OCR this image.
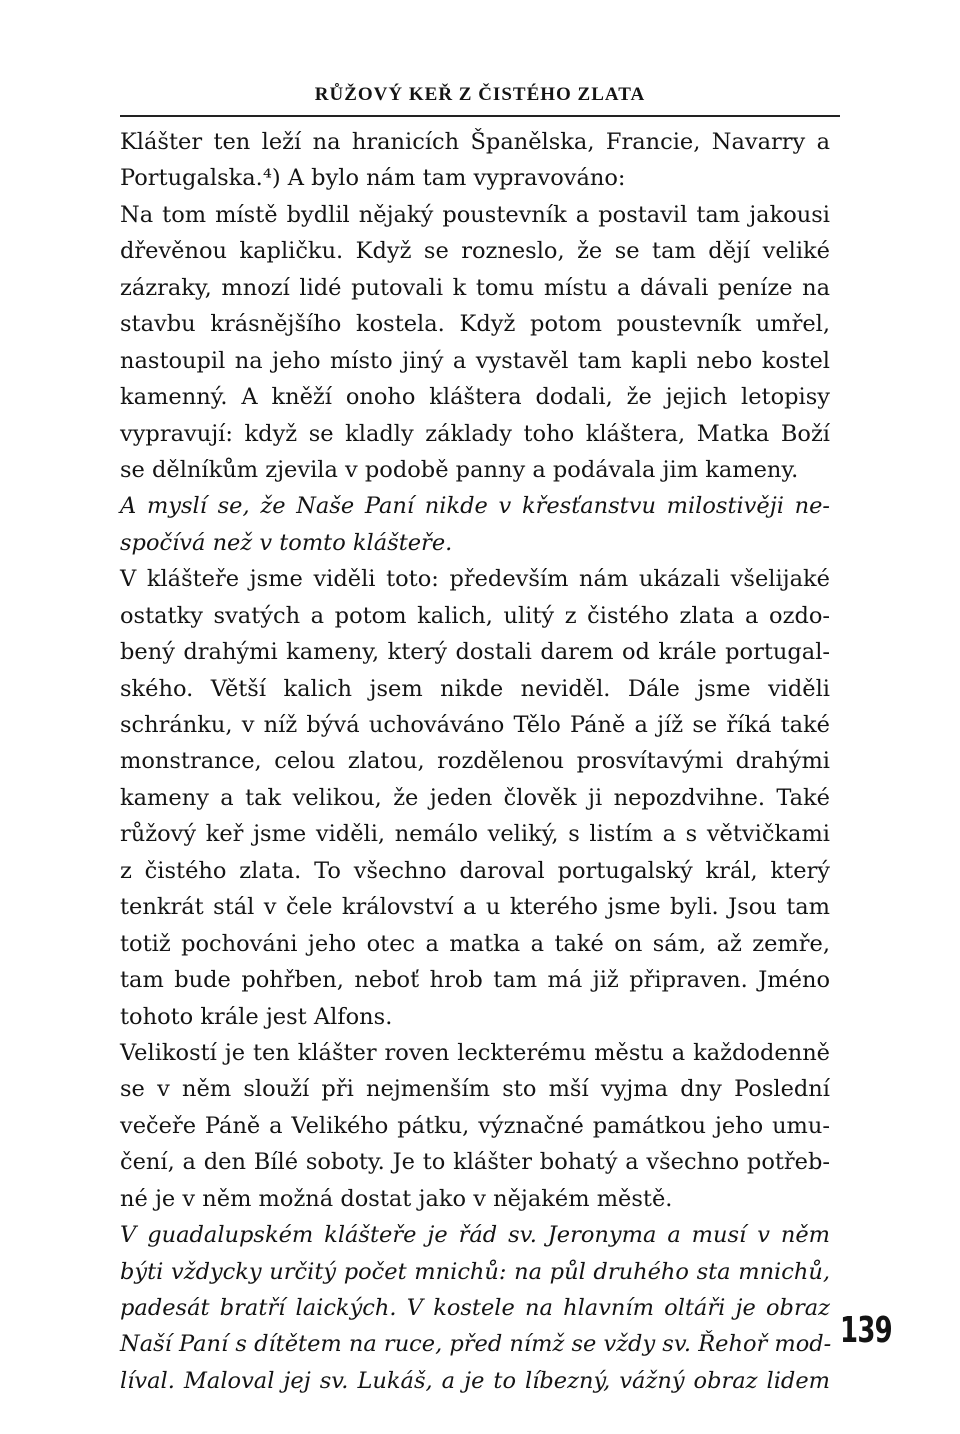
RŮŽOVÝ KEŘ Z ČISTÉHO ZLATA
Klášter ten leží na hranicích Španělska, Francie, Navarry a
Portugalska.⁴) A bylo nám tam vypravováno:
Na tom místě bydlil nějaký poustevník a postavil tam jakousi
dřevěnou kapličku. Když se rozneslo, že se tam dějí veliké
zázraky, mnozí lidé putovali k tomu místu a dávali peníze na
stavbu krásnějšího kostela. Když potom poustevník umřel,
nastoupil na jeho místo jiný a vystavěl tam kapli nebo kostel
kamenný. A kněží onoho kláštera dodali, že jejich letopisy
vypravují: když se kladly základy toho kláštera, Matka Boží
se dělníkům zjevila v podobě panny a podávala jim kameny.
A myslí se, že Naše Paní nikde v křesťanstvu milostivěji ne-
spočívá než v tomto klášteře.
V klášteře jsme viděli toto: především nám ukázali všelijaké
ostatky svatých a potom kalich, ulitý z čistého zlata a ozdo-
bený drahými kameny, který dostali darem od krále portugal-
ského. Větší kalich jsem nikde neviděl. Dále jsme viděli
schránku, v níž bývá uchováváno Tělo Páně a jíž se říká také
monstrance, celou zlatou, rozdělenou prosvítavými drahými
kameny a tak velikou, že jeden člověk ji nepozdvihne. Také
růžový keř jsme viděli, nemálo veliký, s listím a s větvičkami
z čistého zlata. To všechno daroval portugalský král, který
tenkrát stál v čele království a u kterého jsme byli. Jsou tam
totiž pochováni jeho otec a matka a také on sám, až zemře,
tam bude pohřben, neboť hrob tam má již připraven. Jméno
tohoto krále jest Alfons.
Velikostí je ten klášter roven leckterému městu a každodenně
se v něm slouží při nejmenším sto mší vyjma dny Poslední
večeře Páně a Velikého pátku, význačné památkou jeho umu-
čení, a den Bílé soboty. Je to klášter bohatý a všechno potřeb-
né je v něm možná dostat jako v nějakém městě.
V guadalupském klášteře je řád sv. Jeronyma a musí v něm
býti vždycky určitý počet mnichů: na půl druhého sta mnichů,
padesát bratří laických. V kostele na hlavním oltáři je obraz
Naší Paní s dítětem na ruce, před nímž se vždy sv. Řehoř mod-
líval. Maloval jej sv. Lukáš, a je to líbezný, vážný obraz lidem
139
